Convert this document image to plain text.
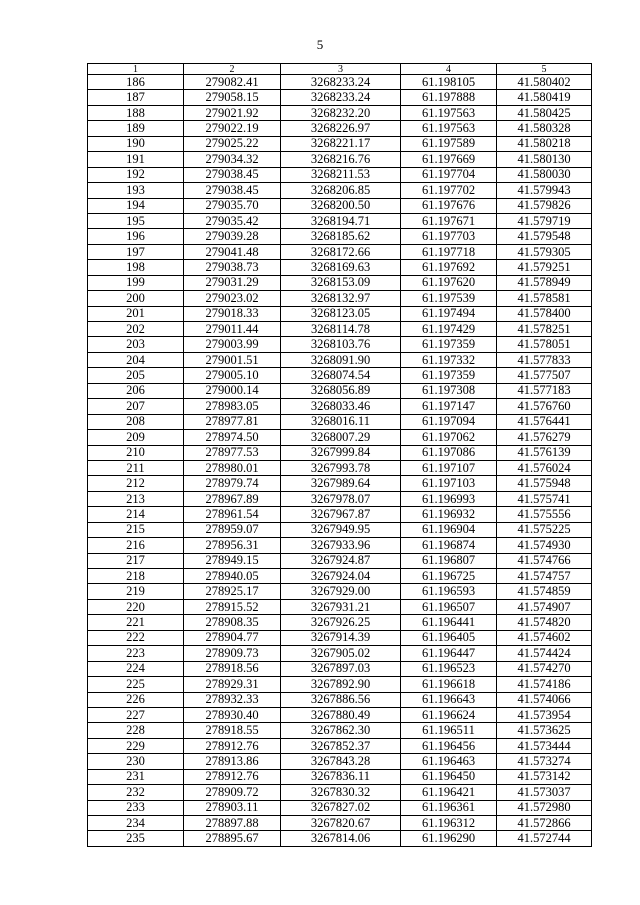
5
1	2	3	4	5
186	279082.41	3268233.24	61.198105	41.580402
187	279058.15	3268233.24	61.197888	41.580419
188	279021.92	3268232.20	61.197563	41.580425
189	279022.19	3268226.97	61.197563	41.580328
190	279025.22	3268221.17	61.197589	41.580218
191	279034.32	3268216.76	61.197669	41.580130
192	279038.45	3268211.53	61.197704	41.580030
193	279038.45	3268206.85	61.197702	41.579943
194	279035.70	3268200.50	61.197676	41.579826
195	279035.42	3268194.71	61.197671	41.579719
196	279039.28	3268185.62	61.197703	41.579548
197	279041.48	3268172.66	61.197718	41.579305
198	279038.73	3268169.63	61.197692	41.579251
199	279031.29	3268153.09	61.197620	41.578949
200	279023.02	3268132.97	61.197539	41.578581
201	279018.33	3268123.05	61.197494	41.578400
202	279011.44	3268114.78	61.197429	41.578251
203	279003.99	3268103.76	61.197359	41.578051
204	279001.51	3268091.90	61.197332	41.577833
205	279005.10	3268074.54	61.197359	41.577507
206	279000.14	3268056.89	61.197308	41.577183
207	278983.05	3268033.46	61.197147	41.576760
208	278977.81	3268016.11	61.197094	41.576441
209	278974.50	3268007.29	61.197062	41.576279
210	278977.53	3267999.84	61.197086	41.576139
211	278980.01	3267993.78	61.197107	41.576024
212	278979.74	3267989.64	61.197103	41.575948
213	278967.89	3267978.07	61.196993	41.575741
214	278961.54	3267967.87	61.196932	41.575556
215	278959.07	3267949.95	61.196904	41.575225
216	278956.31	3267933.96	61.196874	41.574930
217	278949.15	3267924.87	61.196807	41.574766
218	278940.05	3267924.04	61.196725	41.574757
219	278925.17	3267929.00	61.196593	41.574859
220	278915.52	3267931.21	61.196507	41.574907
221	278908.35	3267926.25	61.196441	41.574820
222	278904.77	3267914.39	61.196405	41.574602
223	278909.73	3267905.02	61.196447	41.574424
224	278918.56	3267897.03	61.196523	41.574270
225	278929.31	3267892.90	61.196618	41.574186
226	278932.33	3267886.56	61.196643	41.574066
227	278930.40	3267880.49	61.196624	41.573954
228	278918.55	3267862.30	61.196511	41.573625
229	278912.76	3267852.37	61.196456	41.573444
230	278913.86	3267843.28	61.196463	41.573274
231	278912.76	3267836.11	61.196450	41.573142
232	278909.72	3267830.32	61.196421	41.573037
233	278903.11	3267827.02	61.196361	41.572980
234	278897.88	3267820.67	61.196312	41.572866
235	278895.67	3267814.06	61.196290	41.572744
